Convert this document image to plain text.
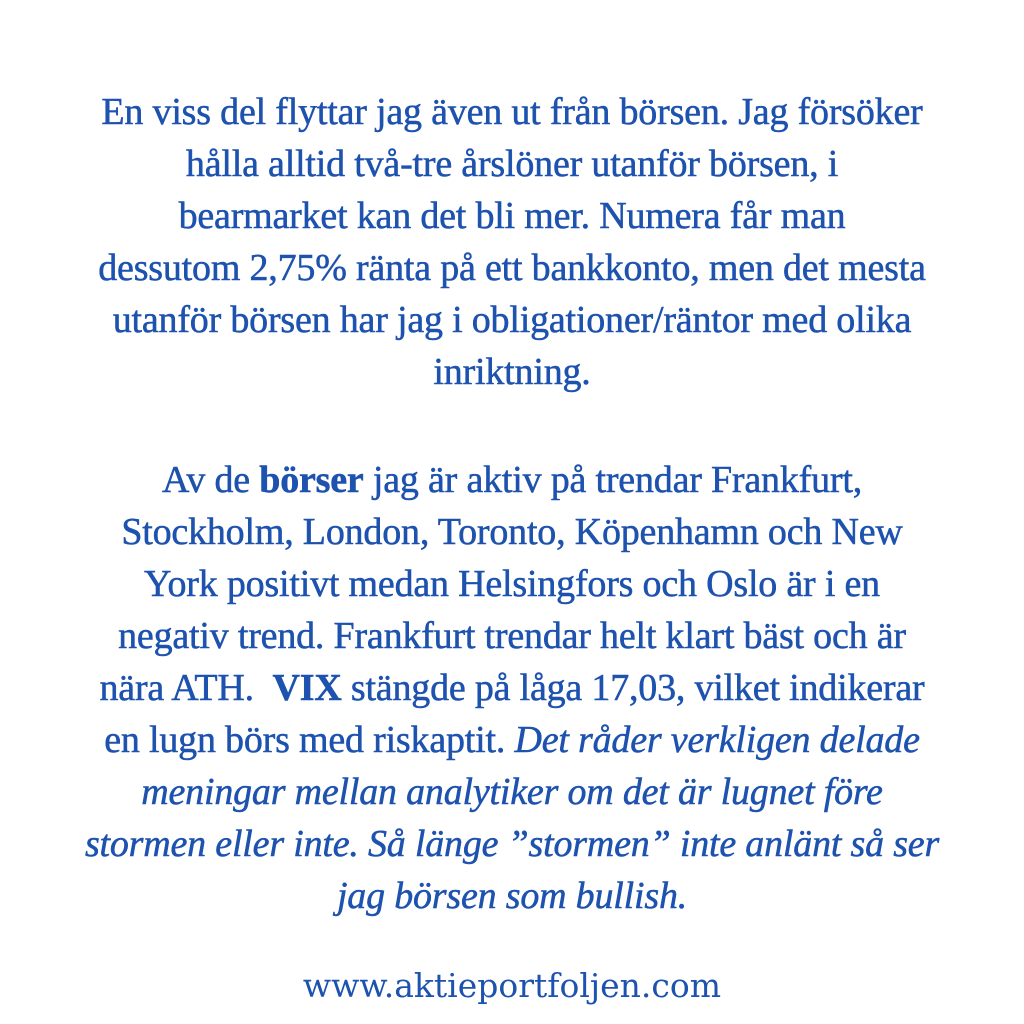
En viss del flyttar jag även ut från börsen. Jag försöker
hålla alltid två-tre årslöner utanför börsen, i
bearmarket kan det bli mer. Numera får man
dessutom 2,75% ränta på ett bankkonto, men det mesta
utanför börsen har jag i obligationer/räntor med olika
inriktning.
Av de börser jag är aktiv på trendar Frankfurt,
Stockholm, London, Toronto, Köpenhamn och New
York positivt medan Helsingfors och Oslo är i en
negativ trend. Frankfurt trendar helt klart bäst och är
nära ATH.  VIX stängde på låga 17,03, vilket indikerar
en lugn börs med riskaptit. Det råder verkligen delade
meningar mellan analytiker om det är lugnet före
stormen eller inte. Så länge ”stormen” inte anlänt så ser
jag börsen som bullish.
www.aktieportfoljen.com
